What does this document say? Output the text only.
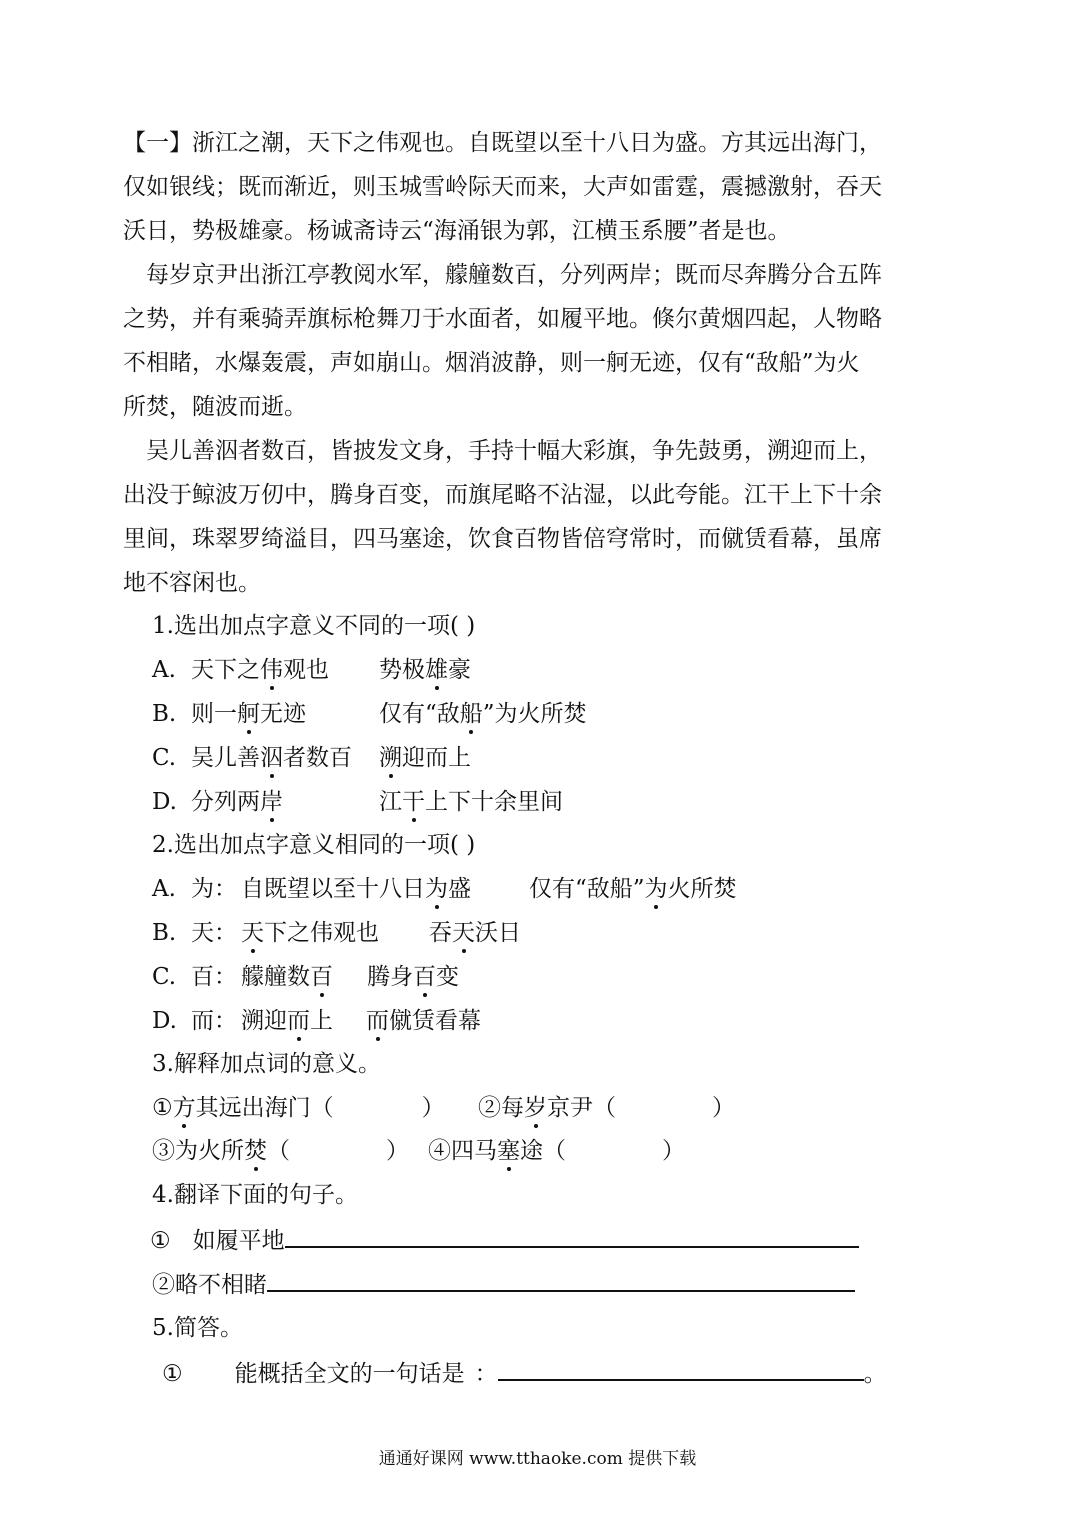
【一】浙江之潮，天下之伟观也。自既望以至十八日为盛。方其远出海门，
仅如银线；既而渐近，则玉城雪岭际天而来，大声如雷霆，震撼激射，吞天
沃日，势极雄豪。杨诚斋诗云“海涌银为郭，江横玉系腰”者是也。
　每岁京尹出浙江亭教阅水军，艨艟数百，分列两岸；既而尽奔腾分合五阵
之势，并有乘骑弄旗标枪舞刀于水面者，如履平地。倏尔黄烟四起，人物略
不相睹，水爆轰震，声如崩山。烟消波静，则一舸无迹，仅有“敌船”为火
所焚，随波而逝。
　吴儿善泅者数百，皆披发文身，手持十幅大彩旗，争先鼓勇，溯迎而上，
出没于鲸波万仞中，腾身百变，而旗尾略不沾湿，以此夸能。江干上下十余
里间，珠翠罗绮溢目，四马塞途，饮食百物皆倍穹常时，而僦赁看幕，虽席
地不容闲也。
1.选出加点字意义不同的一项( )
A. 天下之伟观也 势极雄豪
B. 则一舸无迹	仅有“敌船”为火所焚
C. 吴儿善泅者数百 溯迎而上
D. 分列两岸	江干上下十余里间
2.选出加点字意义相同的一项( )
A. 为： 自既望以至十八日为盛	仅有“敌船”为火所焚
B. 天： 天下之伟观也 吞天沃日
C. 百： 艨艟数百 腾身百变
D. 而： 溯迎而上 而僦赁看幕
3.解释加点词的意义。
①方其远出海门（	） ②每岁京尹（	）
③为火所焚（	） ④四马塞途（	）
4.翻译下面的句子。
① 如履平地
②略不相睹
5.简答。
① 能概括全文的一句话是 ：	。
通通好课网 www.tthaoke.com 提供下载
